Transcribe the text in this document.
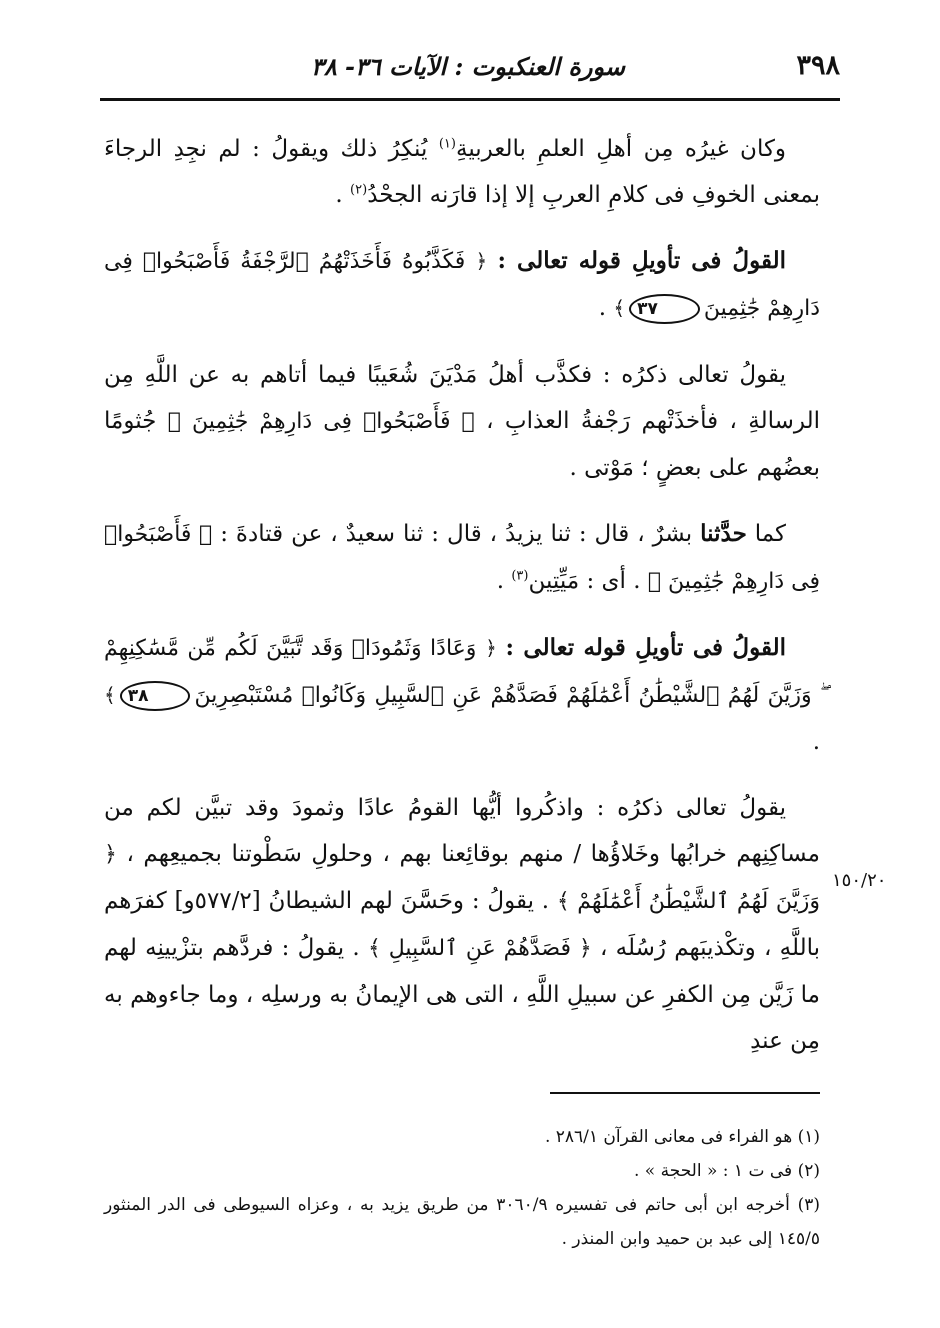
٣٩٨
سورة العنكبوت : الآيات ٣٦- ٣٨

وكان غيرُه مِن أهلِ العلمِ بالعربيةِ$^{(١)}$ يُنكِرُ ذلك ويقولُ : لم نجِدِ الرجاءَ بمعنى الخوفِ فى كلامِ العربِ إلا إذا قارَنه الجحْدُ$^{(٢)}$ .

القولُ فى تأويلِ قوله تعالى : ﴿ فَكَذَّبُوهُ فَأَخَذَتْهُمُ ٱلرَّجْفَةُ فَأَصْبَحُوا۟ فِى دَارِهِمْ جَٰثِمِينَ٣٧﴾ .

يقولُ تعالى ذكرُه : فكذَّب أهلُ مَدْيَنَ شُعَيبًا فيما أتاهم به عن اللَّهِ مِن الرسالةِ ، فأخذَتْهم رَجْفةُ العذابِ ، ﴿ فَأَصْبَحُوا۟ فِى دَارِهِمْ جَٰثِمِينَ ﴾ جُثومًا بعضُهم على بعضٍ ؛ مَوْتى .

كما حدَّثنا بشرٌ ، قال : ثنا يزيدُ ، قال : ثنا سعيدٌ ، عن قتادةَ : ﴿ فَأَصْبَحُوا۟ فِى دَارِهِمْ جَٰثِمِينَ ﴾ . أى : مَيِّتِين$^{(٣)}$ .

القولُ فى تأويلِ قوله تعالى : ﴿ وَعَادًا وَثَمُودَا۟ وَقَد تَّبَيَّنَ لَكُم مِّن مَّسَٰكِنِهِمْ ۖ وَزَيَّنَ لَهُمُ ٱلشَّيْطَٰنُ أَعْمَٰلَهُمْ فَصَدَّهُمْ عَنِ ٱلسَّبِيلِ وَكَانُوا۟ مُسْتَبْصِرِينَ٣٨﴾ .

يقولُ تعالى ذكرُه : واذكُروا أيُّها القومُ عادًا وثمودَ وقد تبيَّن لكم من مساكِنِهم خرابُها وخَلاؤُها / منهم بوقائِعنا بهم ، وحلولِ سَطْوتنا بجميعِهم ، ﴿ وَزَيَّنَ لَهُمُ ٱلشَّيْطَٰنُ أَعْمَٰلَهُمْ ﴾ . يقولُ : وحَسَّنَ لهم الشيطانُ [٥٧٧/٢و] كفرَهم باللَّهِ ، وتكْذيبَهم رُسُلَه ، ﴿ فَصَدَّهُمْ عَنِ ٱلسَّبِيلِ ﴾ . يقولُ : فردَّهم بتزْيينِه لهم ما زَيَّن مِن الكفرِ عن سبيلِ اللَّهِ ، التى هى الإيمانُ به ورسلِه ، وما جاءوهم به مِن عندِ

١٥٠/٢٠

(١) هو الفراء فى معانى القرآن ٢٨٦/١ .

(٢) فى ت ١ : « الحجة » .

(٣) أخرجه ابن أبى حاتم فى تفسيره ٣٠٦٠/٩ من طريق يزيد به ، وعزاه السيوطى فى الدر المنثور ١٤٥/٥ إلى عبد بن حميد وابن المنذر .
